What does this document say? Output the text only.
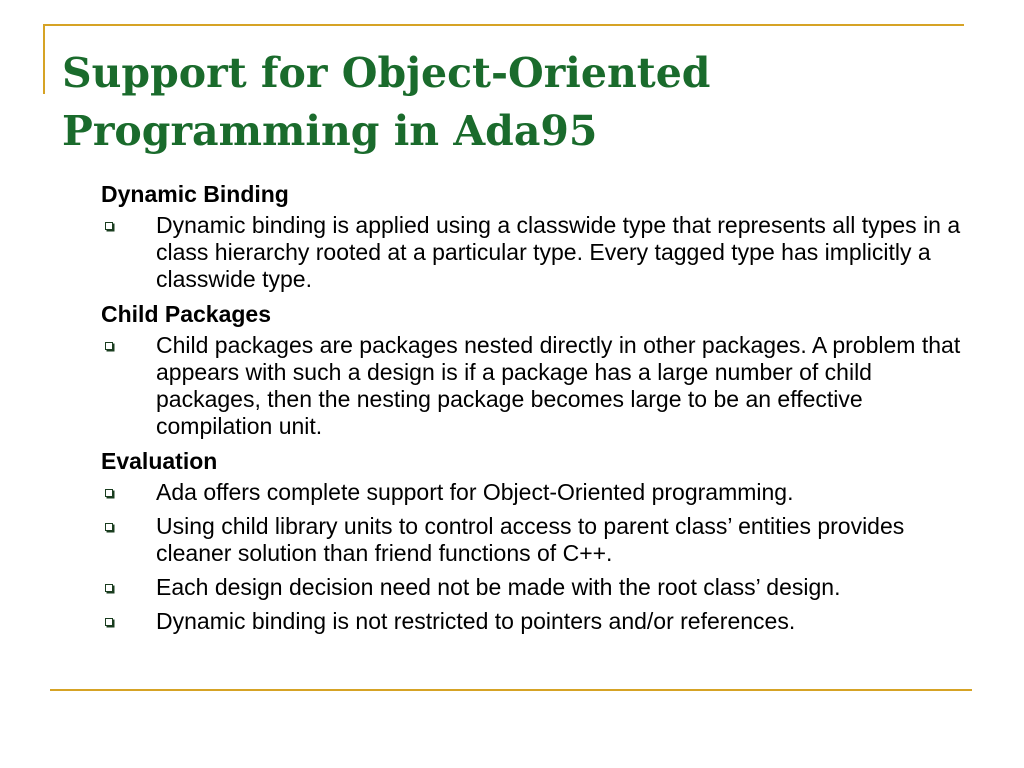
Support for Object-Oriented
Programming in Ada95
Dynamic Binding
Dynamic binding is applied using a classwide type that represents all types in a class hierarchy rooted at a particular type. Every tagged type has implicitly a classwide type.
Child Packages
Child packages are packages nested directly in other packages. A problem that appears with such a design is if a package has a large number of child packages, then the nesting package becomes large to be an effective compilation unit.
Evaluation
Ada offers complete support for Object-Oriented programming.
Using child library units to control access to parent class’ entities provides cleaner solution than friend functions of C++.
Each design decision need not be made with the root class’ design.
Dynamic binding is not restricted to pointers and/or references.
